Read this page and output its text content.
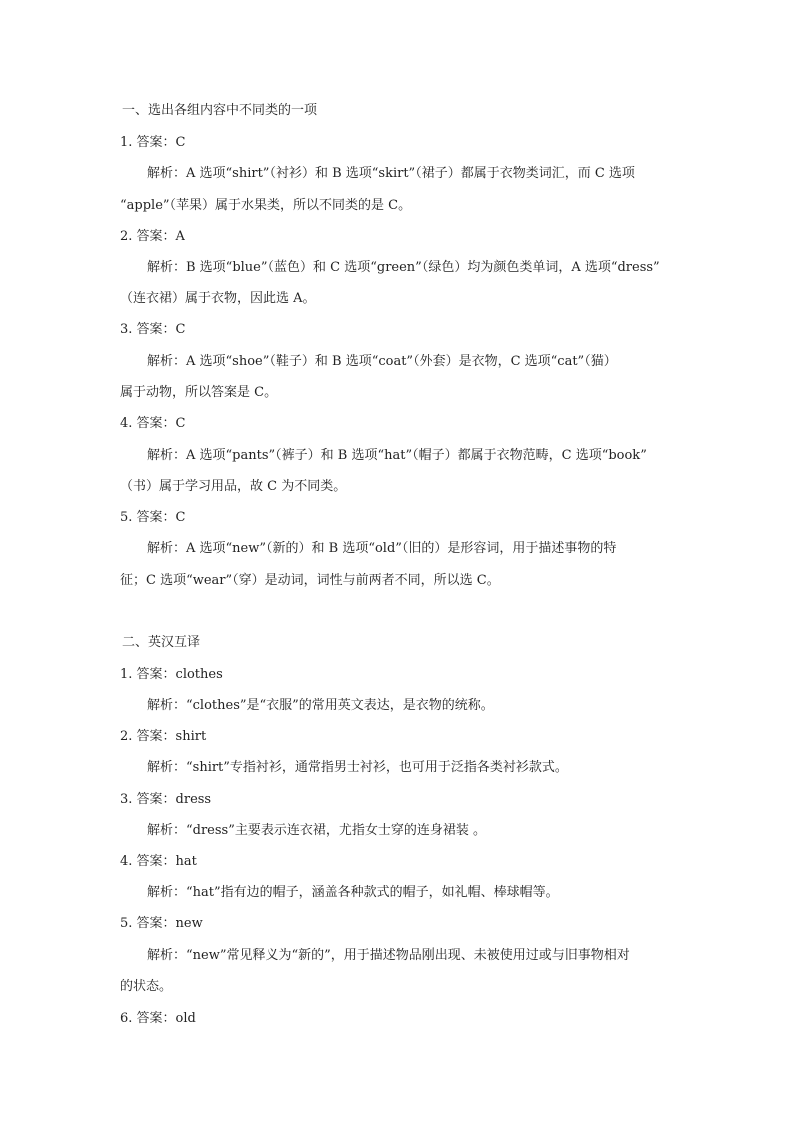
一、选出各组内容中不同类的一项
1. 答案：C
解析：A 选项“shirt”（衬衫）和 B 选项“skirt”（裙子）都属于衣物类词汇，而 C 选项
“apple”（苹果）属于水果类，所以不同类的是 C。
2. 答案：A
解析：B 选项“blue”（蓝色）和 C 选项“green”（绿色）均为颜色类单词，A 选项“dress”
（连衣裙）属于衣物，因此选 A。
3. 答案：C
解析：A 选项“shoe”（鞋子）和 B 选项“coat”（外套）是衣物，C 选项“cat”（猫）
属于动物，所以答案是 C。
4. 答案：C
解析：A 选项“pants”（裤子）和 B 选项“hat”（帽子）都属于衣物范畴，C 选项“book”
（书）属于学习用品，故 C 为不同类。
5. 答案：C
解析：A 选项“new”（新的）和 B 选项“old”（旧的）是形容词，用于描述事物的特
征；C 选项“wear”（穿）是动词，词性与前两者不同，所以选 C。
二、英汉互译
1. 答案：clothes
解析：“clothes”是“衣服”的常用英文表达，是衣物的统称。
2. 答案：shirt
解析：“shirt”专指衬衫，通常指男士衬衫，也可用于泛指各类衬衫款式。
3. 答案：dress
解析：“dress”主要表示连衣裙，尤指女士穿的连身裙装 。
4. 答案：hat
解析：“hat”指有边的帽子，涵盖各种款式的帽子，如礼帽、棒球帽等。
5. 答案：new
解析：“new”常见释义为“新的”，用于描述物品刚出现、未被使用过或与旧事物相对
的状态。
6. 答案：old
